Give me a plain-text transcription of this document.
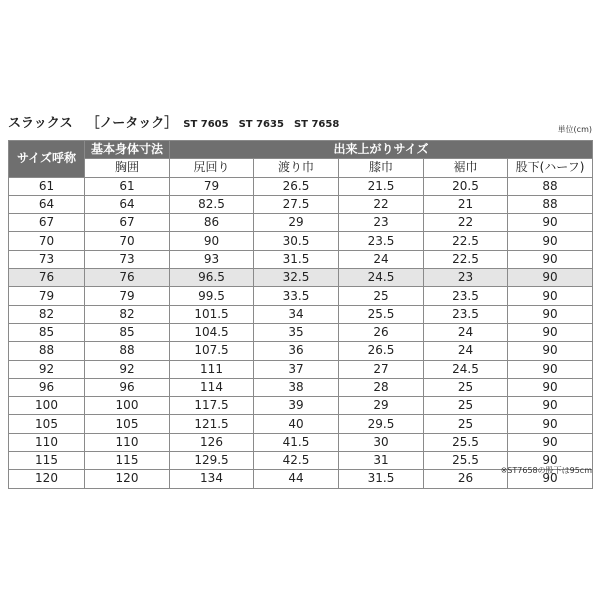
スラックス ［ノータック］ ST 7605 ST 7635 ST 7658	単位(cm)
サイズ呼称	基本身体寸法	出来上がりサイズ				
	胸囲	尻回り	渡り巾	膝巾	裾巾	股下(ハーフ)
61	61	79	26.5	21.5	20.5	88
64	64	82.5	27.5	22	21	88
67	67	86	29	23	22	90
70	70	90	30.5	23.5	22.5	90
73	73	93	31.5	24	22.5	90
76	76	96.5	32.5	24.5	23	90
79	79	99.5	33.5	25	23.5	90
82	82	101.5	34	25.5	23.5	90
85	85	104.5	35	26	24	90
88	88	107.5	36	26.5	24	90
92	92	111	37	27	24.5	90
96	96	114	38	28	25	90
100	100	117.5	39	29	25	90
105	105	121.5	40	29.5	25	90
110	110	126	41.5	30	25.5	90
115	115	129.5	42.5	31	25.5	90
120	120	134	44	31.5	26	90
※ST7658の股下は95cm
